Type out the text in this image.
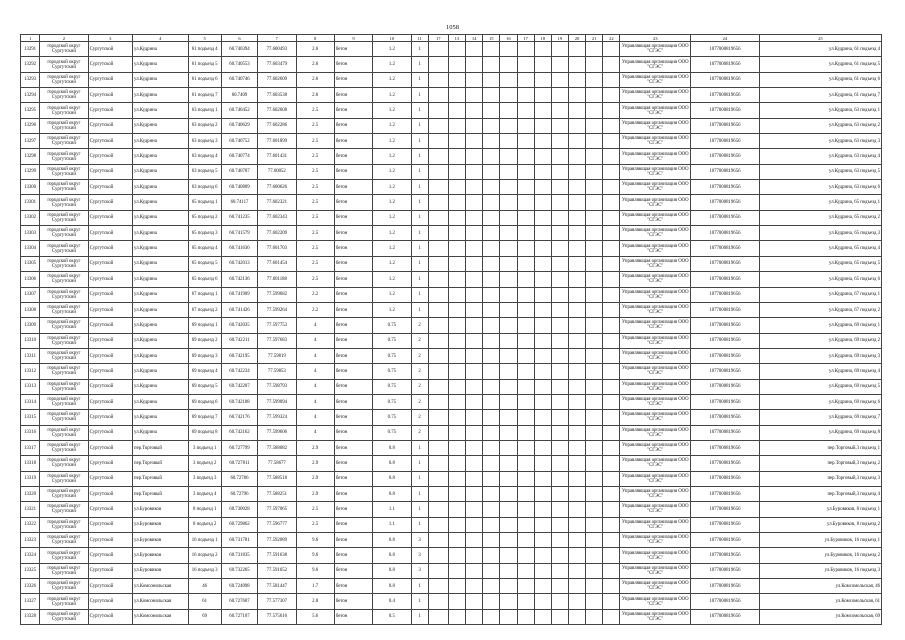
1058
1	2	3	4	5	6	7	8	9	10	11	17	13	14	15	16	17	18	19	20	21	22	23	24	25
13291	городской округ Сургутский	Сургутской	ул.Кудрина	61 подъезд 4	60.740394	77.600493	2.6	бетон	1.2	1												Управляющая организация ООО "СГЭС"	1077000819656	ул.Кудрина, 61 подъезд 4
13292	городской округ Сургутский	Сургутской	ул.Кудрина	61 подъезд 5	60.740553	77.603479	2.6	бетон	1.2	1												Управляющая организация ООО "СГЭС"	1077000819656	ул.Кудрина, 61 подъезд 5
13293	городской округ Сургутский	Сургутской	ул.Кудрина	61 подъезд 6	60.740746	77.602609	2.6	бетон	1.2	1												Управляющая организация ООО "СГЭС"	1077000819656	ул.Кудрина, 61 подъезд 6
13294	городской округ Сургутский	Сургутской	ул.Кудрина	61 подъезд 7	60.7409	77.603538	2.6	бетон	1.2	1												Управляющая организация ООО "СГЭС"	1077000819656	ул.Кудрина, 61 подъезд 7
13295	городской округ Сургутский	Сургутской	ул.Кудрина	63 подъезд 1	60.740452	77.602608	2.5	бетон	1.2	1												Управляющая организация ООО "СГЭС"	1077000819656	ул.Кудрина, 63 подъезд 1
13296	городской округ Сургутский	Сургутской	ул.Кудрина	63 подъезд 2	60.740629	77.602286	2.5	бетон	1.2	1												Управляющая организация ООО "СГЭС"	1077000819656	ул.Кудрина, 63 подъезд 2
13297	городской округ Сургутский	Сургутской	ул.Кудрина	63 подъезд 3	60.740752	77.601899	2.5	бетон	1.2	1												Управляющая организация ООО "СГЭС"	1077000819656	ул.Кудрина, 63 подъезд 3
13298	городской округ Сургутский	Сургутской	ул.Кудрина	63 подъезд 4	60.740774	77.601431	2.5	бетон	1.2	1												Управляющая организация ООО "СГЭС"	1077000819656	ул.Кудрина, 63 подъезд 4
13299	городской округ Сургутский	Сургутской	ул.Кудрина	63 подъезд 5	60.740787	77.60052	2.5	бетон	1.2	1												Управляющая организация ООО "СГЭС"	1077000819656	ул.Кудрина, 63 подъезд 5
13300	городской округ Сургутский	Сургутской	ул.Кудрина	63 подъезд 6	60.740809	77.600626	2.5	бетон	1.2	1												Управляющая организация ООО "СГЭС"	1077000819656	ул.Кудрина, 63 подъезд 6
13301	городской округ Сургутский	Сургутской	ул.Кудрина	65 подъезд 1	60.74117	77.602321	2.5	бетон	1.2	1												Управляющая организация ООО "СГЭС"	1077000819656	ул.Кудрина, 65 подъезд 1
13302	городской округ Сургутский	Сургутской	ул.Кудрина	65 подъезд 2	60.741235	77.602343	2.5	бетон	1.2	1												Управляющая организация ООО "СГЭС"	1077000819656	ул.Кудрина, 65 подъезд 2
13303	городской округ Сургутский	Сургутской	ул.Кудрина	65 подъезд 3	60.741579	77.602209	2.5	бетон	1.2	1												Управляющая организация ООО "СГЭС"	1077000819656	ул.Кудрина, 65 подъезд 3
13304	городской округ Сургутский	Сургутской	ул.Кудрина	65 подъезд 4	60.741636	77.601703	2.5	бетон	1.2	1												Управляющая организация ООО "СГЭС"	1077000819656	ул.Кудрина, 65 подъезд 4
13305	городской округ Сургутский	Сургутской	ул.Кудрина	65 подъезд 5	60.742013	77.601454	2.5	бетон	1.2	1												Управляющая организация ООО "СГЭС"	1077000819656	ул.Кудрина, 65 подъезд 5
13306	городской округ Сургутский	Сургутской	ул.Кудрина	65 подъезд 6	60.742136	77.601188	2.5	бетон	1.2	1												Управляющая организация ООО "СГЭС"	1077000819656	ул.Кудрина, 65 подъезд 6
13307	городской округ Сургутский	Сургутской	ул.Кудрина	67 подъезд 1	60.741909	77.599682	2.2	бетон	1.2	1												Управляющая организация ООО "СГЭС"	1077000819656	ул.Кудрина, 67 подъезд 1
13308	городской округ Сургутский	Сургутской	ул.Кудрина	67 подъезд 2	60.741426	77.599264	2.2	бетон	1.2	1												Управляющая организация ООО "СГЭС"	1077000819656	ул.Кудрина, 67 подъезд 2
13309	городской округ Сургутский	Сургутской	ул.Кудрина	69 подъезд 1	60.742035	77.597753	4	бетон	0.75	2												Управляющая организация ООО "СГЭС"	1077000819656	ул.Кудрина, 69 подъезд 1
13310	городской округ Сургутский	Сургутской	ул.Кудрина	69 подъезд 2	60.742211	77.597683	4	бетон	0.75	2												Управляющая организация ООО "СГЭС"	1077000819656	ул.Кудрина, 69 подъезд 2
13311	городской округ Сургутский	Сургутской	ул.Кудрина	69 подъезд 3	60.742195	77.59819	4	бетон	0.75	2												Управляющая организация ООО "СГЭС"	1077000819656	ул.Кудрина, 69 подъезд 3
13312	городской округ Сургутский	Сургутской	ул.Кудрина	69 подъезд 4	60.742234	77.59853	4	бетон	0.75	2												Управляющая организация ООО "СГЭС"	1077000819656	ул.Кудрина, 69 подъезд 4
13313	городской округ Сургутский	Сургутской	ул.Кудрина	69 подъезд 5	60.742207	77.598793	4	бетон	0.75	2												Управляющая организация ООО "СГЭС"	1077000819656	ул.Кудрина, 69 подъезд 5
13314	городской округ Сургутский	Сургутской	ул.Кудрина	69 подъезд 6	60.742188	77.599094	4	бетон	0.75	2												Управляющая организация ООО "СГЭС"	1077000819656	ул.Кудрина, 69 подъезд 6
13315	городской округ Сургутский	Сургутской	ул.Кудрина	69 подъезд 7	60.742176	77.599324	4	бетон	0.75	2												Управляющая организация ООО "СГЭС"	1077000819656	ул.Кудрина, 69 подъезд 7
13316	городской округ Сургутский	Сургутской	ул.Кудрина	69 подъезд 8	60.742162	77.599606	4	бетон	0.75	2												Управляющая организация ООО "СГЭС"	1077000819656	ул.Кудрина, 69 подъезд 8
13317	городской округ Сургутский	Сургутской	пер.Торговый	3 подъезд 1	60.727799	77.588082	2.9	бетон	0.8	1												Управляющая организация ООО "СГЭС"	1077000819656	пер.Торговый,3 подъезд 1
13318	городской округ Сургутский	Сургутской	пер.Торговый	3 подъезд 2	60.727811	77.58677	2.9	бетон	0.8	1												Управляющая организация ООО "СГЭС"	1077000819656	пер.Торговый,3 подъезд 2
13319	городской округ Сургутский	Сургутской	пер.Торговый	3 подъезд 3	60.72786	77.588518	2.9	бетон	0.8	1												Управляющая организация ООО "СГЭС"	1077000819656	пер.Торговый,3 подъезд 3
13320	городской округ Сургутский	Сургутской	пер.Торговый	3 подъезд 4	60.72796	77.588251	2.9	бетон	0.8	1												Управляющая организация ООО "СГЭС"	1077000819656	пер.Торговый,3 подъезд 4
13321	городской округ Сургутский	Сургутской	ул.Буровиков	8 подъезд 1	60.730028	77.597065	2.5	бетон	1.1	1												Управляющая организация ООО "СГЭС"	1077000819656	ул.Буровиков, 8 подъезд 1
13322	городской округ Сургутский	Сургутской	ул.Буровиков	8 подъезд 2	60.729862	77.596777	2.5	бетон	1.1	1												Управляющая организация ООО "СГЭС"	1077000819656	ул.Буровиков, 8 подъезд 2
13323	городской округ Сургутский	Сургутской	ул.Буровиков	16 подъезд 1	60.731781	77.592089	9.6	бетон	0.8	3												Управляющая организация ООО "СГЭС"	1077000819656	ул.Буровиков, 16 подъезд 1
13324	городской округ Сургутский	Сургутской	ул.Буровиков	16 подъезд 2	60.731835	77.591638	9.6	бетон	0.8	3												Управляющая организация ООО "СГЭС"	1077000819656	ул.Буровиков, 16 подъезд 2
13325	городской округ Сургутский	Сургутской	ул.Буровиков	16 подъезд 3	60.732265	77.591652	9.6	бетон	0.8	3												Управляющая организация ООО "СГЭС"	1077000819656	ул.Буровиков, 16 подъезд 3
13326	городской округ Сургутский	Сургутской	ул.Комсомольская	46	60.724098	77.581447	1.7	бетон	0.8	1												Управляющая организация ООО "СГЭС"	1077000819656	ул.Комсомольская, 46
13327	городской округ Сургутский	Сургутской	ул.Комсомольская	61	60.727607	77.577307	2.8	бетон	0.4	1												Управляющая организация ООО "СГЭС"	1077000819656	ул.Комсомольская, 61
13328	городской округ Сургутский	Сургутской	ул.Комсомольская	69	60.727107	77.575616	5.6	бетон	0.5	1												Управляющая организация ООО "СГЭС"	1077000819656	ул.Комсомольская, 69
